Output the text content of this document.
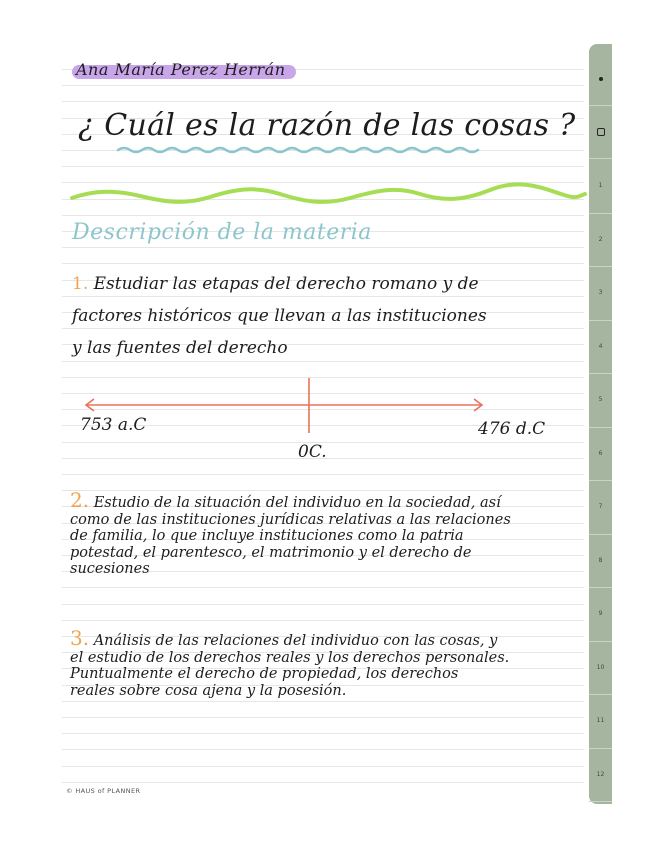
Ana María Perez Herrán
¿ Cuál es la razón de las cosas ?
Descripción de la materia
1. Estudiar las etapas del derecho romano y de
factores históricos que llevan a las instituciones
y las fuentes del derecho
753 a.C
0C.
476 d.C
2. Estudio de la situación del individuo en la sociedad, así
como de las instituciones jurídicas relativas a las relaciones
de familia, lo que incluye instituciones como la patria
potestad, el parentesco, el matrimonio y el derecho de
sucesiones
3. Análisis de las relaciones del individuo con las cosas, y
el estudio de los derechos reales y los derechos personales.
Puntualmente el derecho de propiedad, los derechos
reales sobre cosa ajena y la posesión.
© HAUS of PLANNER
1
2
3
4
5
6
7
8
9
10
11
12
